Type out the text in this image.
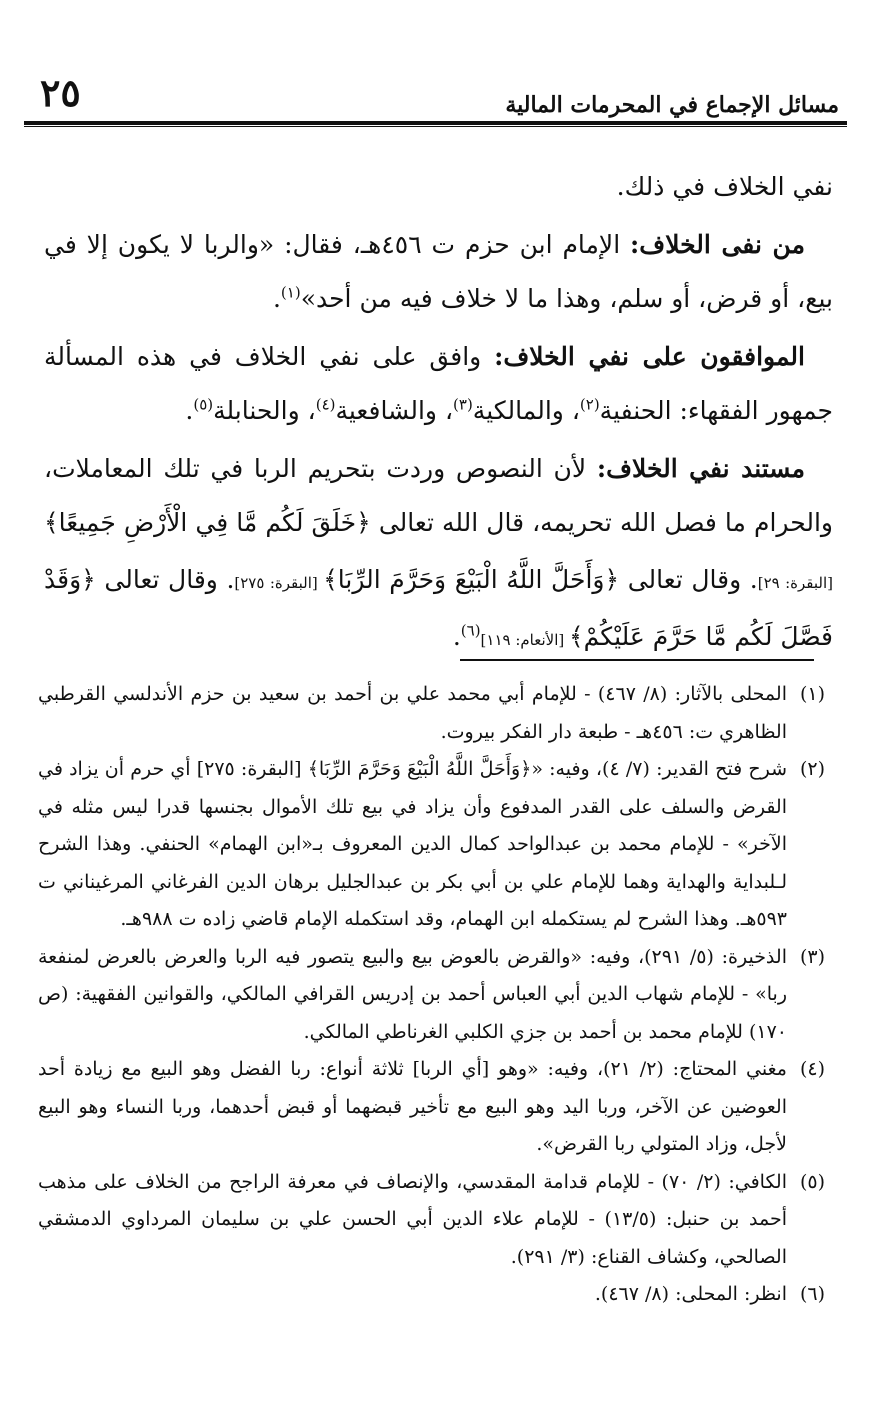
٢٥	مسائل الإجماع في المحرمات المالية

نفي الخلاف في ذلك.

من نفى الخلاف: الإمام ابن حزم ت ٤٥٦هـ، فقال: «والربا لا يكون إلا في بيع، أو قرض، أو سلم، وهذا ما لا خلاف فيه من أحد»$^{(١)}$.

الموافقون على نفي الخلاف: وافق على نفي الخلاف في هذه المسألة جمهور الفقهاء: الحنفية$^{(٢)}$، والمالكية$^{(٣)}$، والشافعية$^{(٤)}$، والحنابلة$^{(٥)}$.

مستند نفي الخلاف: لأن النصوص وردت بتحريم الربا في تلك المعاملات، والحرام ما فصل الله تحريمه، قال الله تعالى ﴿خَلَقَ لَكُم مَّا فِي الْأَرْضِ جَمِيعًا﴾ [البقرة: ٢٩]. وقال تعالى ﴿وَأَحَلَّ اللَّهُ الْبَيْعَ وَحَرَّمَ الرِّبَا﴾ [البقرة: ٢٧٥]. وقال تعالى ﴿وَقَدْ فَصَّلَ لَكُم مَّا حَرَّمَ عَلَيْكُمْ﴾ [الأنعام: ١١٩]$^{(٦)}$.

(١)
المحلى بالآثار: (٨/ ٤٦٧) - للإمام أبي محمد علي بن أحمد بن سعيد بن حزم الأندلسي القرطبي الظاهري ت: ٤٥٦هـ - طبعة دار الفكر بيروت.
(٢)
شرح فتح القدير: (٧/ ٤)، وفيه: «﴿وَأَحَلَّ اللَّهُ الْبَيْعَ وَحَرَّمَ الرِّبَا﴾ [البقرة: ٢٧٥] أي حرم أن يزاد في القرض والسلف على القدر المدفوع وأن يزاد في بيع تلك الأموال بجنسها قدرا ليس مثله في الآخر» - للإمام محمد بن عبدالواحد كمال الدين المعروف بـ«ابن الهمام» الحنفي. وهذا الشرح لـلبداية والهداية وهما للإمام علي بن أبي بكر بن عبدالجليل برهان الدين الفرغاني المرغيناني ت ٥٩٣هـ. وهذا الشرح لم يستكمله ابن الهمام، وقد استكمله الإمام قاضي زاده ت ٩٨٨هـ.
(٣)
الذخيرة: (٥/ ٢٩١)، وفيه: «والقرض بالعوض بيع والبيع يتصور فيه الربا والعرض بالعرض لمنفعة ربا» - للإمام شهاب الدين أبي العباس أحمد بن إدريس القرافي المالكي، والقوانين الفقهية: (ص ١٧٠) للإمام محمد بن أحمد بن جزي الكلبي الغرناطي المالكي.
(٤)
مغني المحتاج: (٢/ ٢١)، وفيه: «وهو [أي الربا] ثلاثة أنواع: ربا الفضل وهو البيع مع زيادة أحد العوضين عن الآخر، وربا اليد وهو البيع مع تأخير قبضهما أو قبض أحدهما، وربا النساء وهو البيع لأجل، وزاد المتولي ربا القرض».
(٥)
الكافي: (٢/ ٧٠) - للإمام قدامة المقدسي، والإنصاف في معرفة الراجح من الخلاف على مذهب أحمد بن حنبل: (١٣/٥) - للإمام علاء الدين أبي الحسن علي بن سليمان المرداوي الدمشقي الصالحي، وكشاف القناع: (٣/ ٢٩١).
(٦)
انظر: المحلى: (٨/ ٤٦٧).
